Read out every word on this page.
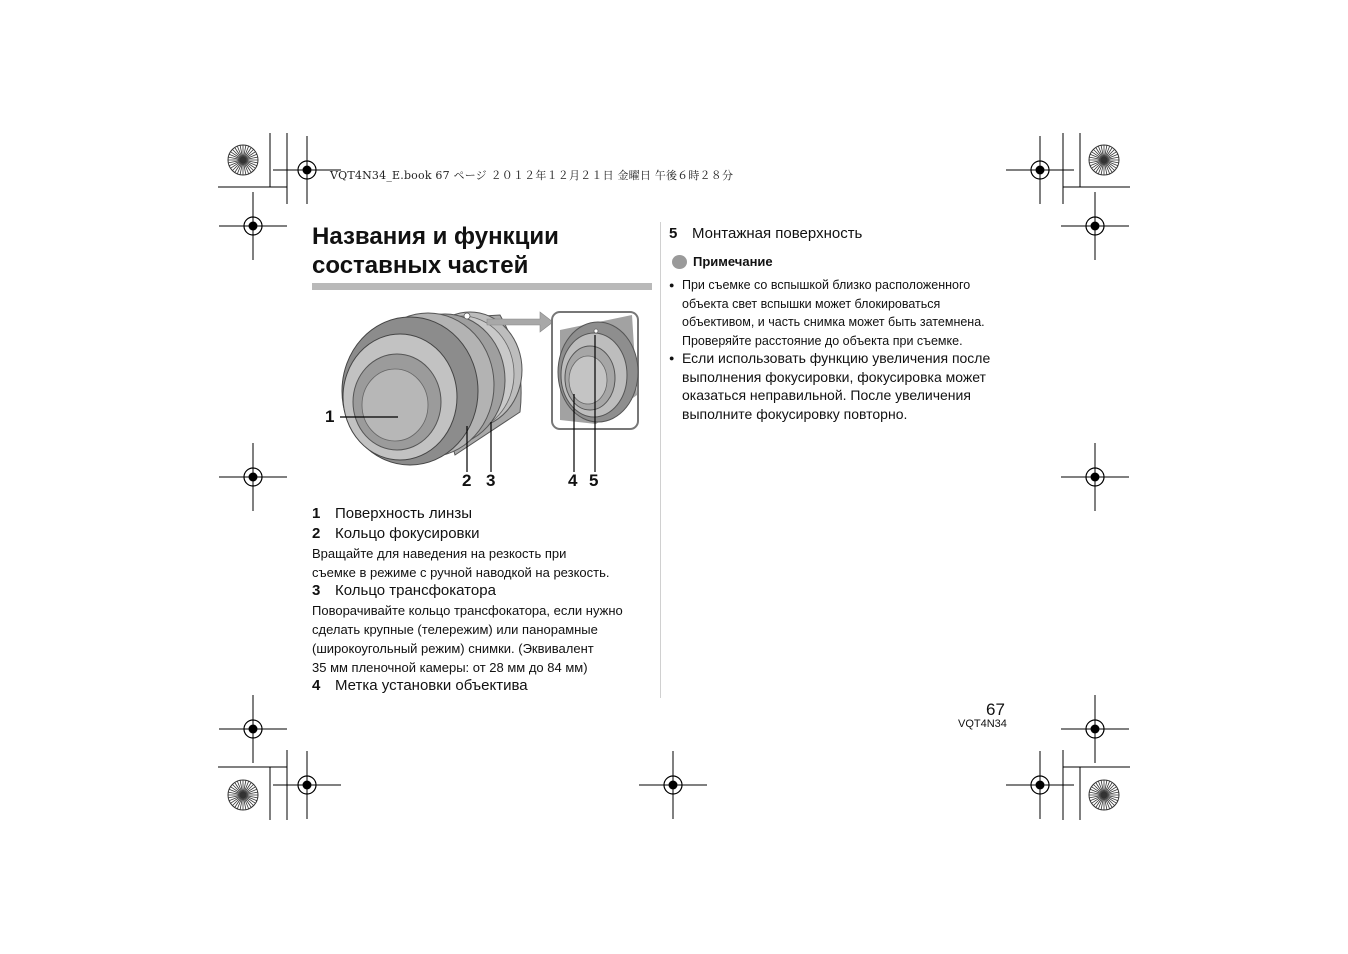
VQT4N34_E.book 67 ページ ２０１２年１２月２１日 金曜日 午後６時２８分
Названия и функции
составных частей
1
2 3	4 5
1 Поверхность линзы
2 Кольцо фокусировки
Вращайте для наведения на резкость при
съемке в режиме с ручной наводкой на резкость.
3 Кольцо трансфокатора
Поворачивайте кольцо трансфокатора, если нужно
сделать крупные (телережим) или панорамные
(широкоугольный режим) снимки. (Эквивалент
35 мм пленочной камеры: от 28 мм до 84 мм)
4 Метка установки объектива
5 Монтажная поверхность
Примечание
● При съемке со вспышкой близко расположенного
объекта свет вспышки может блокироваться
объективом, и часть снимка может быть затемнена.
Проверяйте расстояние до объекта при съемке.
● Если использовать функцию увеличения после
выполнения фокусировки, фокусировка может
оказаться неправильной. После увеличения
выполните фокусировку повторно.
67
VQT4N34
